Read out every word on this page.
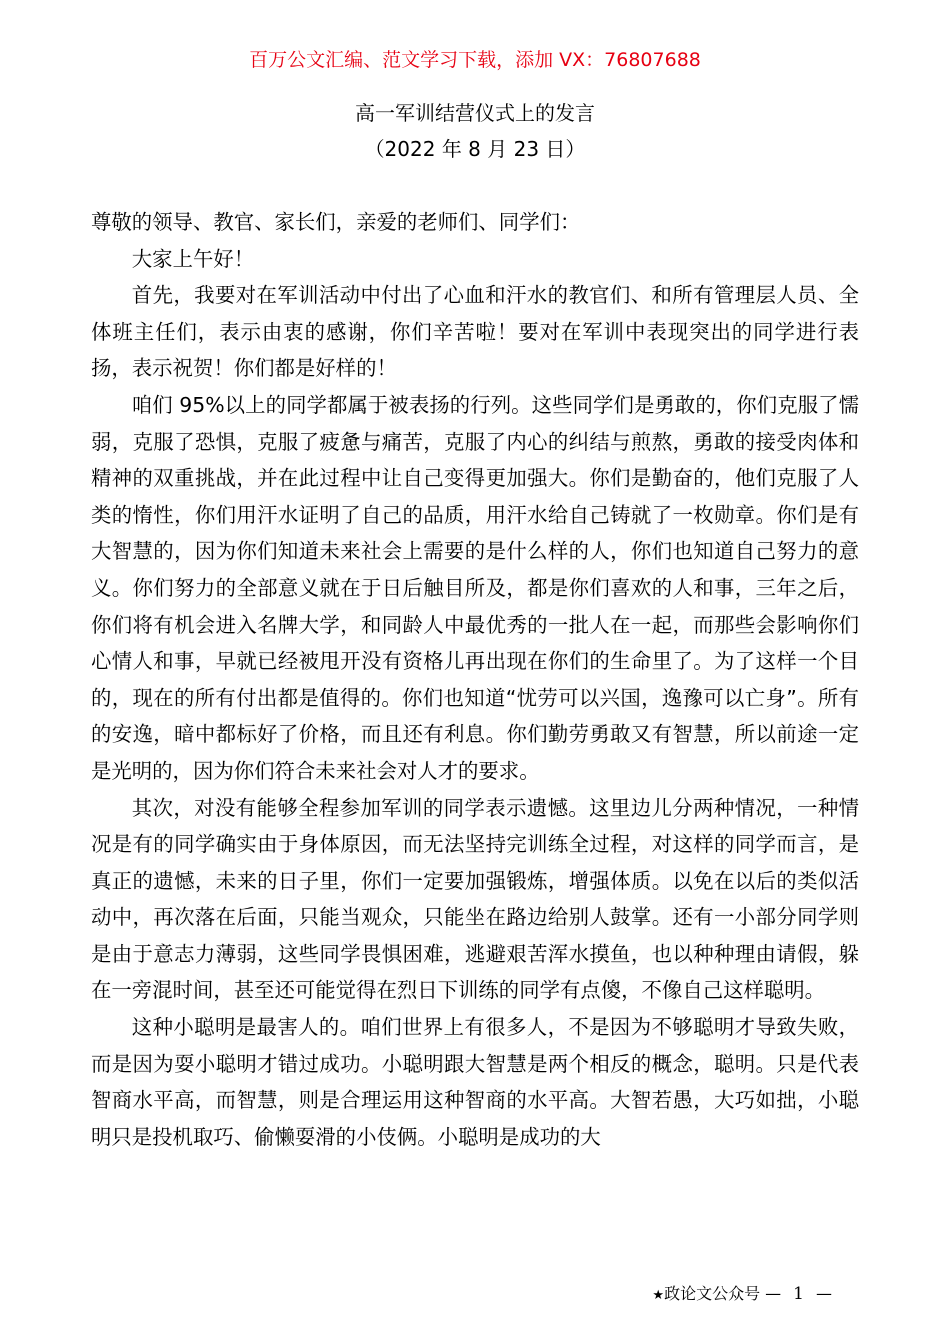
百万公文汇编、范文学习下载，添加 VX：76807688
高一军训结营仪式上的发言
（2022 年 8 月 23 日）

尊敬的领导、教官、家长们，亲爱的老师们、同学们：

大家上午好！

首先，我要对在军训活动中付出了心血和汗水的教官们、和所有管理层人员、全体班主任们，表示由衷的感谢，你们辛苦啦！要对在军训中表现突出的同学进行表扬，表示祝贺！你们都是好样的！

咱们 95%以上的同学都属于被表扬的行列。这些同学们是勇敢的，你们克服了懦弱，克服了恐惧，克服了疲惫与痛苦，克服了内心的纠结与煎熬，勇敢的接受肉体和精神的双重挑战，并在此过程中让自己变得更加强大。你们是勤奋的，他们克服了人类的惰性，你们用汗水证明了自己的品质，用汗水给自己铸就了一枚勋章。你们是有大智慧的，因为你们知道未来社会上需要的是什么样的人，你们也知道自己努力的意义。你们努力的全部意义就在于日后触目所及，都是你们喜欢的人和事，三年之后，你们将有机会进入名牌大学，和同龄人中最优秀的一批人在一起，而那些会影响你们心情人和事，早就已经被甩开没有资格儿再出现在你们的生命里了。为了这样一个目的，现在的所有付出都是值得的。你们也知道“忧劳可以兴国，逸豫可以亡身”。所有的安逸，暗中都标好了价格，而且还有利息。你们勤劳勇敢又有智慧，所以前途一定是光明的，因为你们符合未来社会对人才的要求。

其次，对没有能够全程参加军训的同学表示遗憾。这里边儿分两种情况，一种情况是有的同学确实由于身体原因，而无法坚持完训练全过程，对这样的同学而言，是真正的遗憾，未来的日子里，你们一定要加强锻炼，增强体质。以免在以后的类似活动中，再次落在后面，只能当观众，只能坐在路边给别人鼓掌。还有一小部分同学则是由于意志力薄弱，这些同学畏惧困难，逃避艰苦浑水摸鱼，也以种种理由请假，躲在一旁混时间，甚至还可能觉得在烈日下训练的同学有点傻，不像自己这样聪明。

这种小聪明是最害人的。咱们世界上有很多人，不是因为不够聪明才导致失败，而是因为耍小聪明才错过成功。小聪明跟大智慧是两个相反的概念，聪明。只是代表智商水平高，而智慧，则是合理运用这种智商的水平高。大智若愚，大巧如拙，小聪明只是投机取巧、偷懒耍滑的小伎俩。小聪明是成功的大

★政论文公众号 — 1 —
